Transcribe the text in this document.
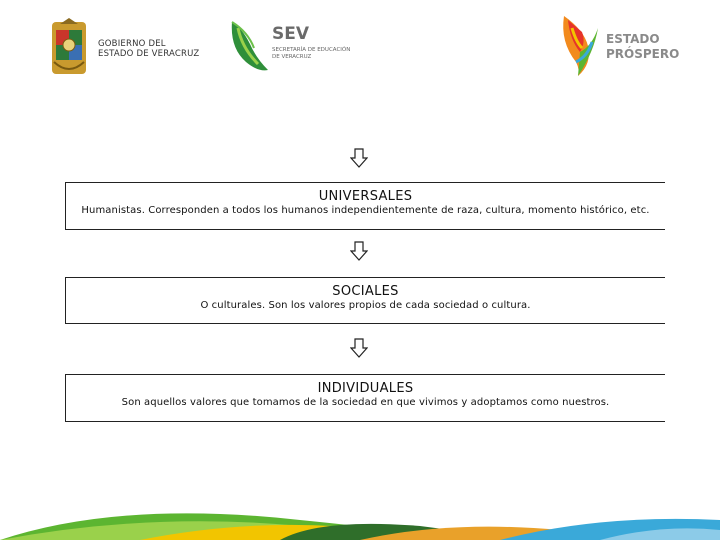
GOBIERNO DEL
ESTADO DE VERACRUZ
SEV
SECRETARÍA DE EDUCACIÓN
DE VERACRUZ
ESTADO
PRÓSPERO
UNIVERSALES
Humanistas. Corresponden a todos los humanos independientemente de raza, cultura, momento histórico, etc.
SOCIALES
O culturales. Son los valores propios de cada sociedad o cultura.
INDIVIDUALES
Son aquellos valores que tomamos de la sociedad en que vivimos y adoptamos como nuestros.
